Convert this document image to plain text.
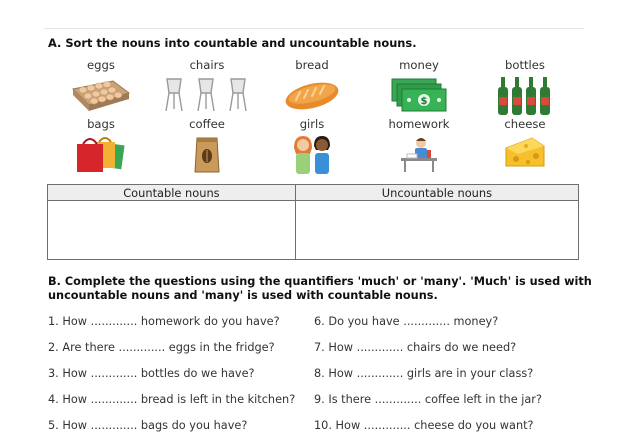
A. Sort the nouns into countable and uncountable nouns.
eggs	chairs	bread	money
$
bottles
bags	coffee	girls	homework	cheese
Countable nouns	Uncountable nouns

B. Complete the questions using the quantifiers 'much' or 'many'. 'Much' is used with uncountable nouns and 'many' is used with countable nouns.
1. How ............. homework do you have?
2. Are there ............. eggs in the fridge?
3. How ............. bottles do we have?
4. How ............. bread is left in the kitchen?
5. How ............. bags do you have?
6. Do you have ............. money?
7. How ............. chairs do we need?
8. How ............. girls are in your class?
9. Is there ............. coffee left in the jar?
10. How ............. cheese do you want?
